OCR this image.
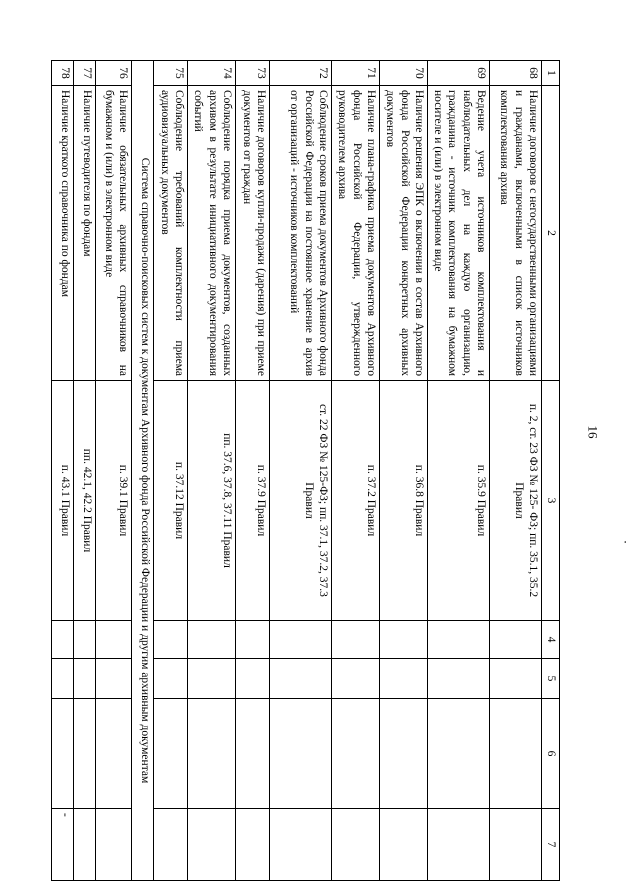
16
·
1	2	3	4	5	6	7
68	Наличие договоров с негосударственными организациями и гражданами, включенными в список источников комплектования архива	п. 2, ст. 23 ФЗ № 125- ФЗ; пп. 35.1, 35.2 Правил				
69	Ведение учета источников комплектования и наблюдательных дел на каждую организацию, гражданина - источник комплектования на бумажном носителе и (или) в электронном виде	п. 35.9 Правил				
70	Наличие решения ЭПК о включении в состав Архивного фонда Российской Федерации конкретных архивных документов	п. 36.8 Правил				
71	Наличие плана-графика приема документов Архивного фонда Российской Федерации, утвержденного руководителем архива	п. 37.2 Правил				
72	Соблюдение сроков приема документов Архивного фонда Российской Федерации на постоянное хранение в архив от организаций - источников комплектований	ст. 22 ФЗ № 125-ФЗ; пп. 37.1, 37.2, 37.3 Правил				
73	Наличие договоров купли-продажи (дарения) при приеме документов от граждан	п. 37.9 Правил				
74	Соблюдение порядка приема документов, созданных архивом в результате инициативного документирования событий	пп. 37.6, 37.8, 37.11 Правил				
75	Соблюдение требований комплектности приема аудиовизуальных документов	п. 37.12 Правил				
Система справочно-поисковых систем к документам Архивного фонда Российской Федерации и другим архивным документам						
76	Наличие обязательных архивных справочников на бумажном и (или) в электронном виде	п. 39.1 Правил				
77	Наличие путеводителя по фондам	пп. 42.1, 42.2 Правил				
78	Наличие краткого справочника по фондам	п. 43.1 Правил				-
